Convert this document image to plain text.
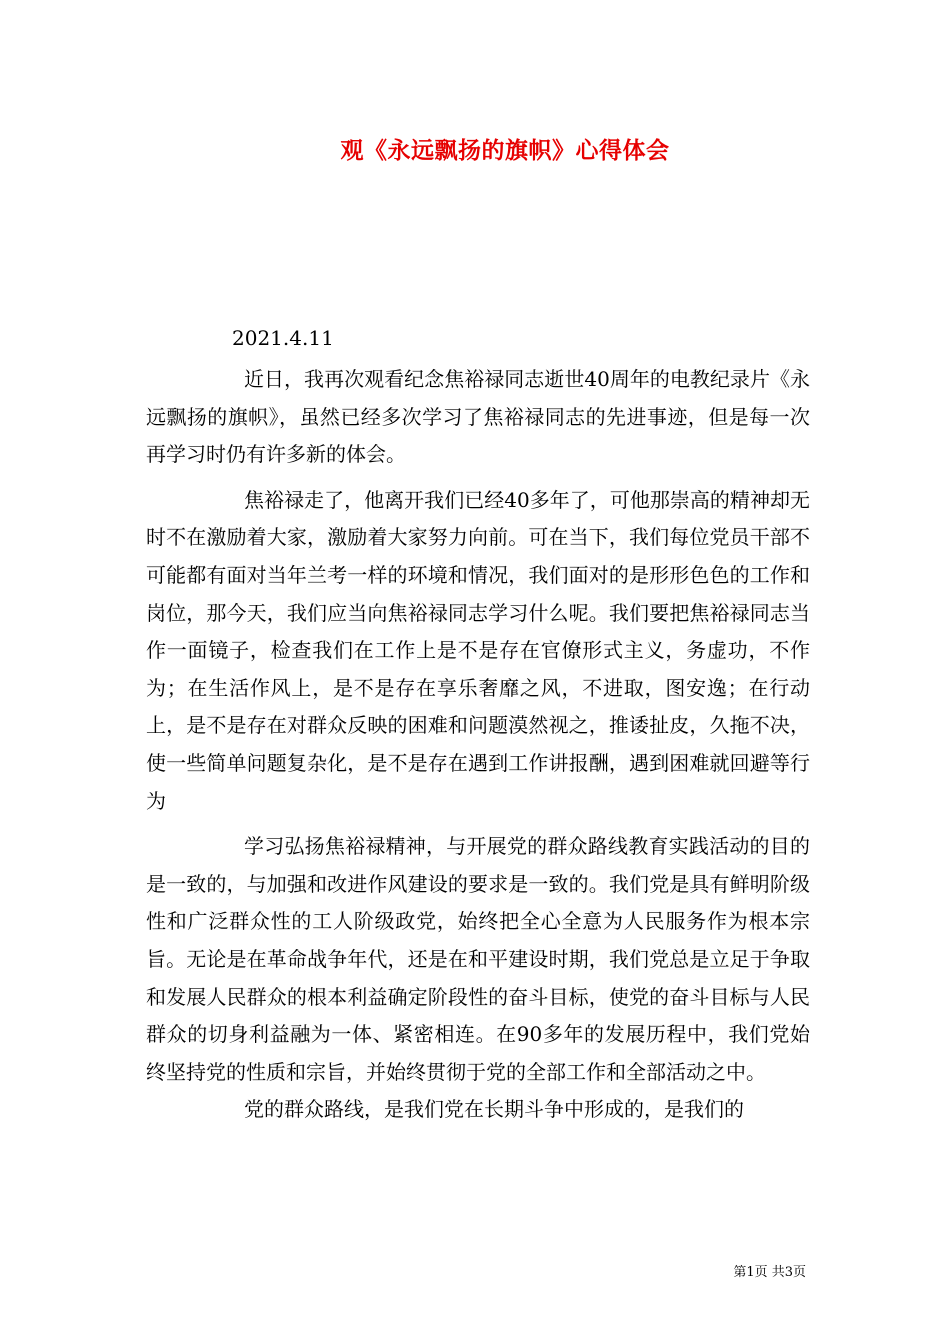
观《永远飘扬的旗帜》心得体会
2021.4.11

近日，我再次观看纪念焦裕禄同志逝世40周年的电教纪录片《永远飘扬的旗帜》，虽然已经多次学习了焦裕禄同志的先进事迹，但是每一次再学习时仍有许多新的体会。

焦裕禄走了，他离开我们已经40多年了，可他那崇高的精神却无时不在激励着大家，激励着大家努力向前。可在当下，我们每位党员干部不可能都有面对当年兰考一样的环境和情况，我们面对的是形形色色的工作和岗位，那今天，我们应当向焦裕禄同志学习什么呢。我们要把焦裕禄同志当作一面镜子，检查我们在工作上是不是存在官僚形式主义，务虚功，不作为；在生活作风上，是不是存在享乐奢靡之风，不进取，图安逸；在行动上，是不是存在对群众反映的困难和问题漠然视之，推诿扯皮，久拖不决，使一些简单问题复杂化，是不是存在遇到工作讲报酬，遇到困难就回避等行为

学习弘扬焦裕禄精神，与开展党的群众路线教育实践活动的目的是一致的，与加强和改进作风建设的要求是一致的。我们党是具有鲜明阶级性和广泛群众性的工人阶级政党，始终把全心全意为人民服务作为根本宗旨。无论是在革命战争年代，还是在和平建设时期，我们党总是立足于争取和发展人民群众的根本利益确定阶段性的奋斗目标，使党的奋斗目标与人民群众的切身利益融为一体、紧密相连。在90多年的发展历程中，我们党始终坚持党的性质和宗旨，并始终贯彻于党的全部工作和全部活动之中。

党的群众路线，是我们党在长期斗争中形成的，是我们的

第1页 共3页
